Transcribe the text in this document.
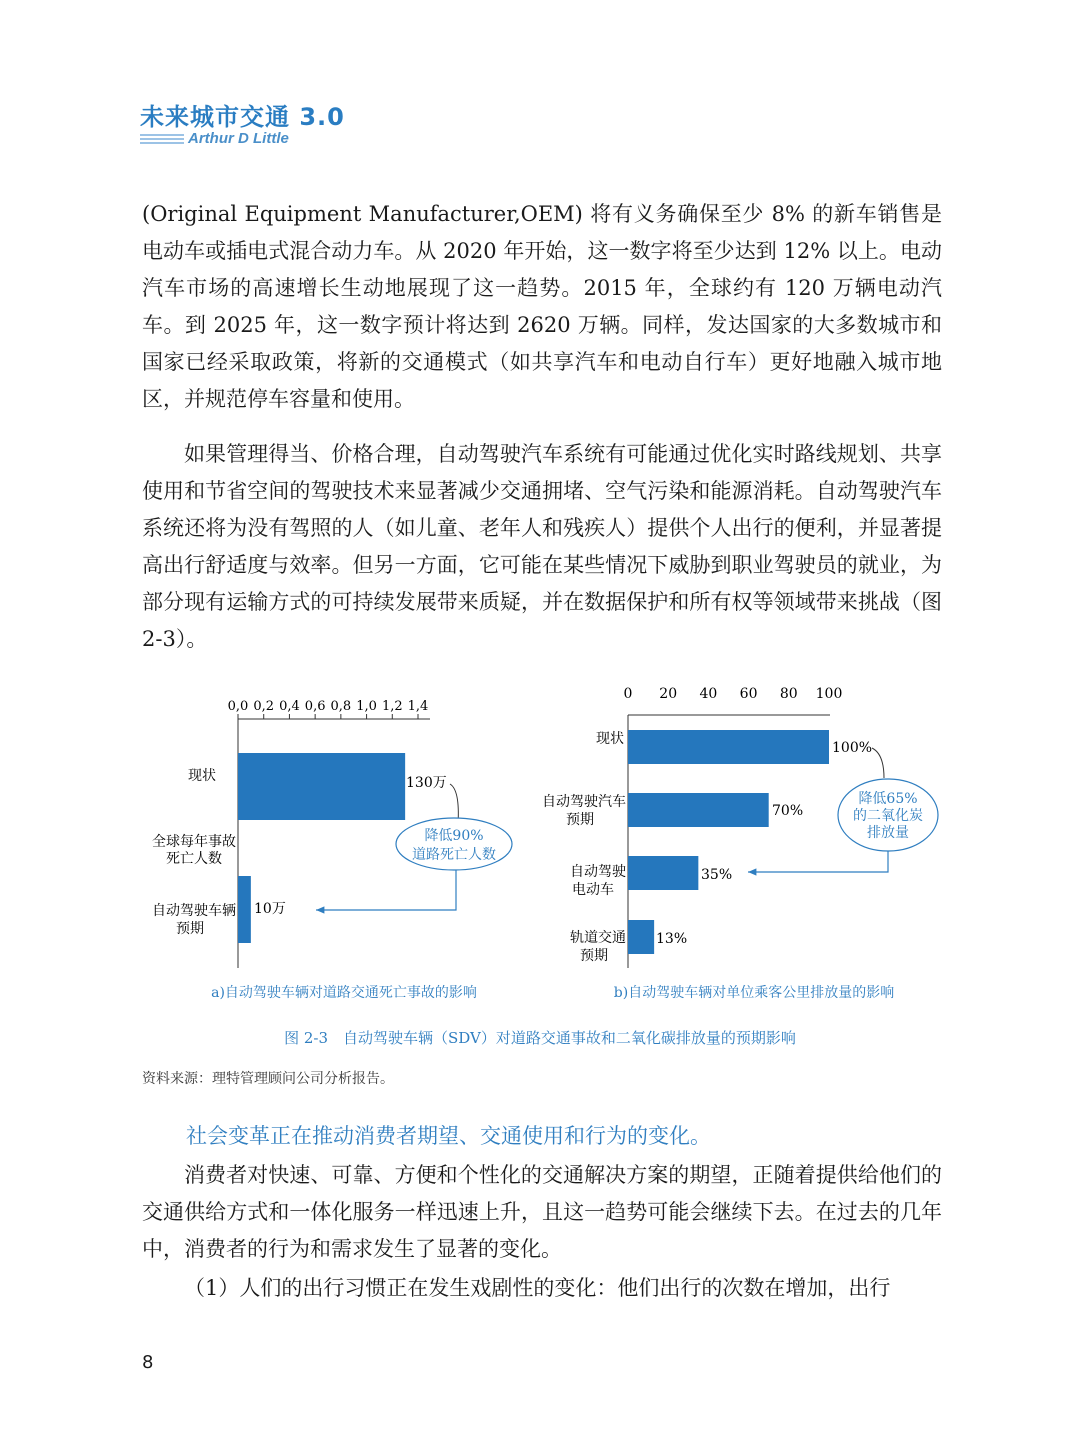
未来城市交通 3.0
Arthur D Little

(Original Equipment Manufacturer,OEM) 将有义务确保至少 8% 的新车销售是电动车或插电式混合动力车。从 2020 年开始，这一数字将至少达到 12% 以上。电动汽车市场的高速增长生动地展现了这一趋势。2015 年，全球约有 120 万辆电动汽车。到 2025 年，这一数字预计将达到 2620 万辆。同样，发达国家的大多数城市和国家已经采取政策，将新的交通模式（如共享汽车和电动自行车）更好地融入城市地区，并规范停车容量和使用。

如果管理得当、价格合理，自动驾驶汽车系统有可能通过优化实时路线规划、共享使用和节省空间的驾驶技术来显著减少交通拥堵、空气污染和能源消耗。自动驾驶汽车系统还将为没有驾照的人（如儿童、老年人和残疾人）提供个人出行的便利，并显著提高出行舒适度与效率。但另一方面，它可能在某些情况下威胁到职业驾驶员的就业，为部分现有运输方式的可持续发展带来质疑，并在数据保护和所有权等领域带来挑战（图 2-3）。

0,0 0,2 0,4 0,6 0,8 1,0 1,2 1,4
现状
全球每年事故
死亡人数
自动驾驶车辆
预期
130万
10万
降低90%
道路死亡人数
a)自动驾驶车辆对道路交通死亡事故的影响
0 20 40 60 80 100
现状
自动驾驶汽车
预期
自动驾驶
电动车
轨道交通
预期
100%
70%
35%
13%
降低65%
的二氧化炭
排放量
b)自动驾驶车辆对单位乘客公里排放量的影响
图 2-3　自动驾驶车辆（SDV）对道路交通事故和二氧化碳排放量的预期影响
资料来源：理特管理顾问公司分析报告。
社会变革正在推动消费者期望、交通使用和行为的变化。

消费者对快速、可靠、方便和个性化的交通解决方案的期望，正随着提供给他们的交通供给方式和一体化服务一样迅速上升，且这一趋势可能会继续下去。在过去的几年中，消费者的行为和需求发生了显著的变化。

（1）人们的出行习惯正在发生戏剧性的变化：他们出行的次数在增加，出行

8
